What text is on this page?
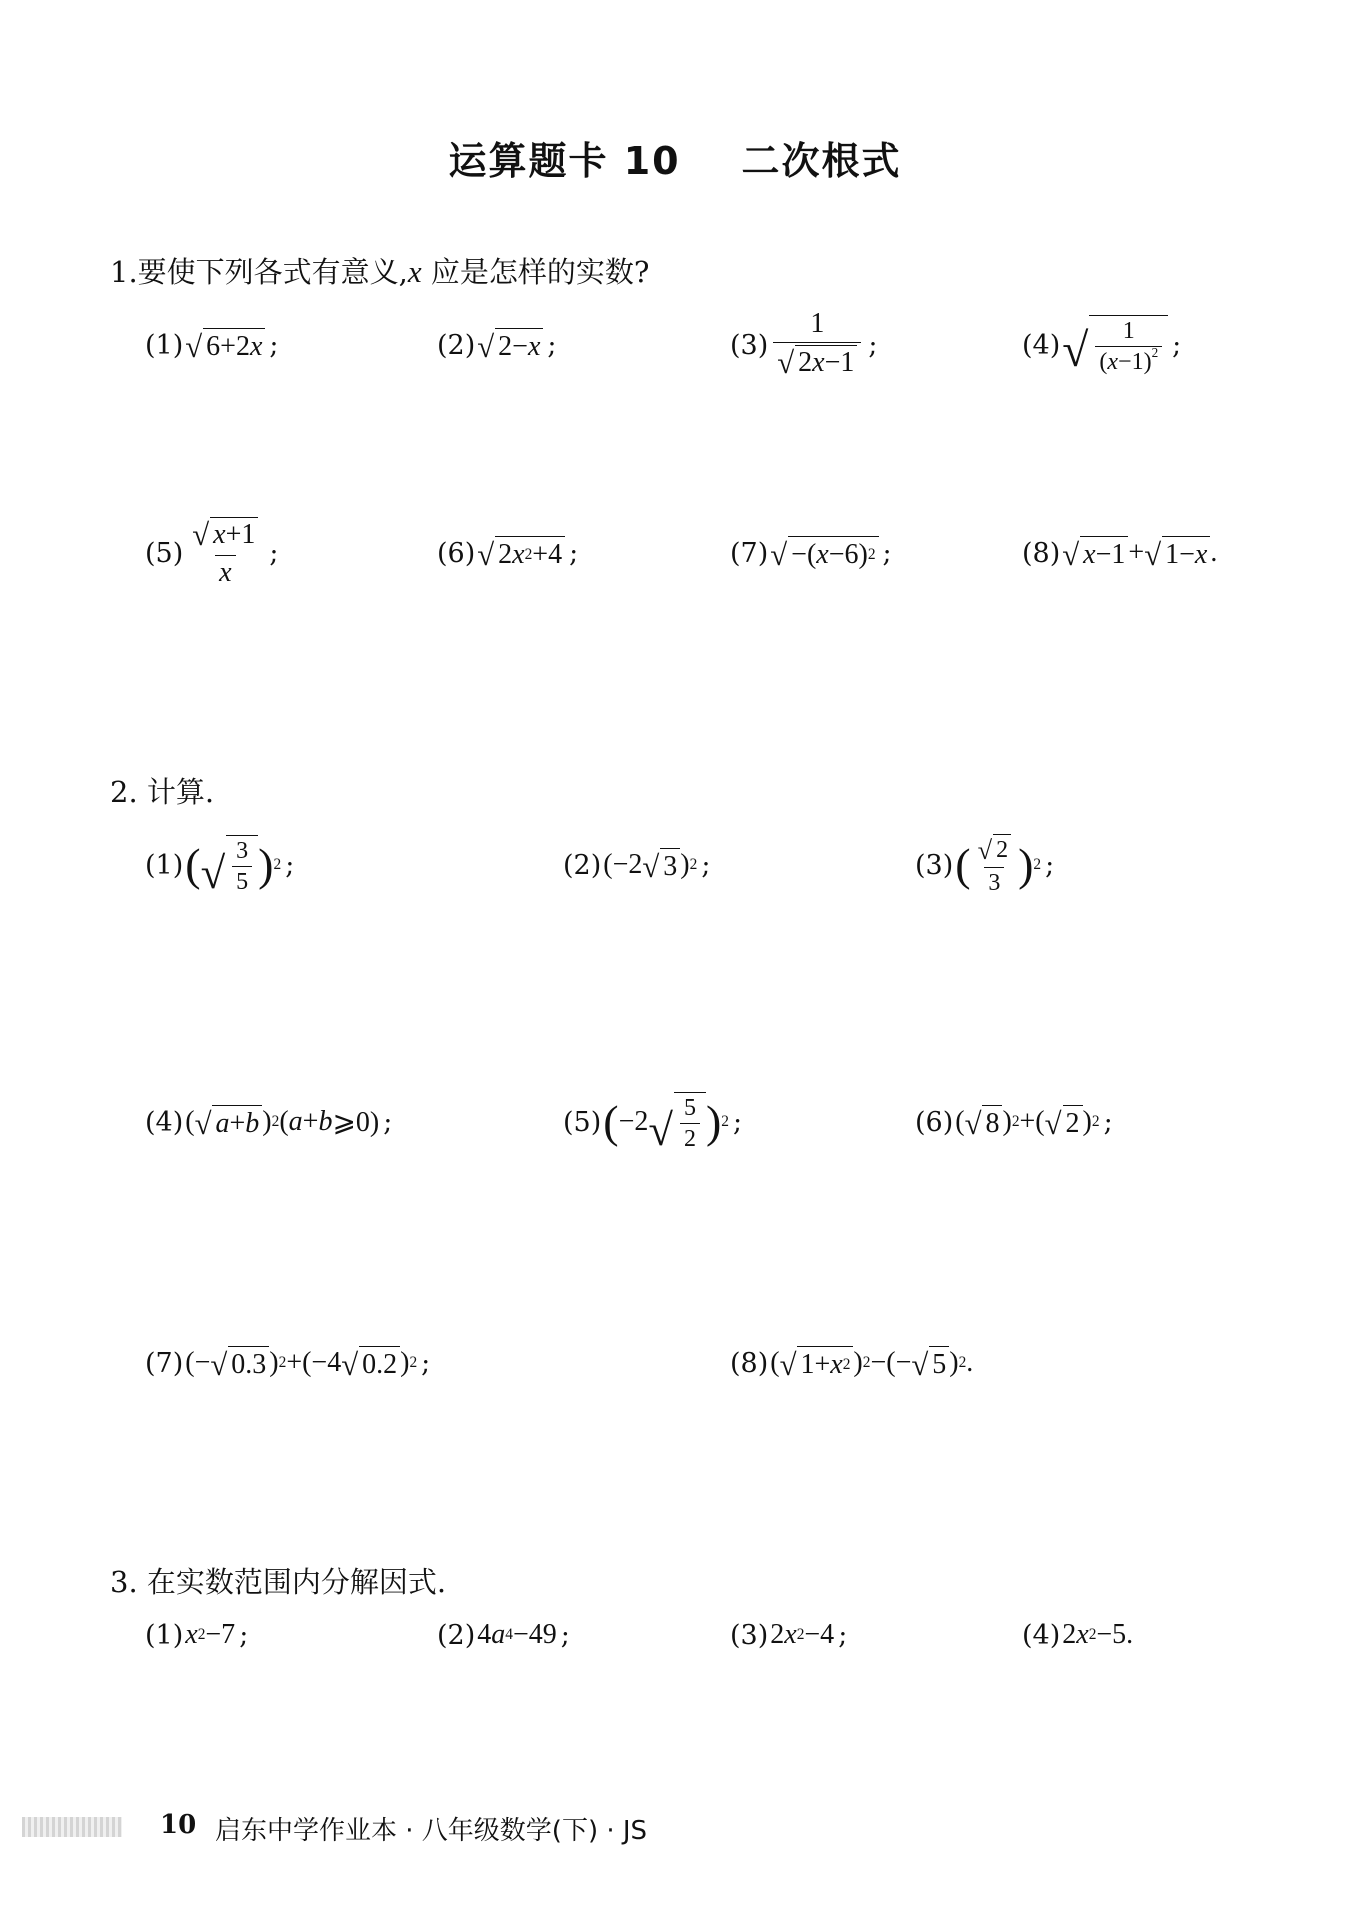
运算题卡 10    二次根式
1.要使下列各式有意义,x 应是怎样的实数?
(1) √ 6+2 x ;	(2) √ 2− x ;	$(3) \frac{1}{√ 2 x -1}$ ;	(4) √ $\frac{1}{(x-1)^2}$ ;
$(5) \frac{√ x +1}{x}$ ;	(6) √ 2 x 2 +4 ;	(7) √ −( x −6) 2 ;	(8) √ x −1 + √ 1− x .
2. 计算.
(1) ( √ $\frac{3}{5}$ ) 2 ;	(2) (−2 √ 3 ) 2 ;	(3) ( $\frac{√ 2}{3}$ ) 2 ;
(4) ( √ a + b ) 2 ( a + b ⩾0) ;	(5) ( −2 √ $\frac{5}{2}$ ) 2 ;	(6) ( √ 8 ) 2 +( √ 2 ) 2 ;
(7) (− √ 0.3 ) 2 +(−4 √ 0.2 ) 2 ;	(8) ( √ 1+ x 2 ) 2 −(− √ 5 ) 2 .
3. 在实数范围内分解因式.
(1) x 2 −7 ;	(2) 4 a 4 −49 ;	(3) 2 x 2 −4 ;	(4) 2 x 2 −5.
10 启东中学作业本 · 八年级数学(下) · JS
